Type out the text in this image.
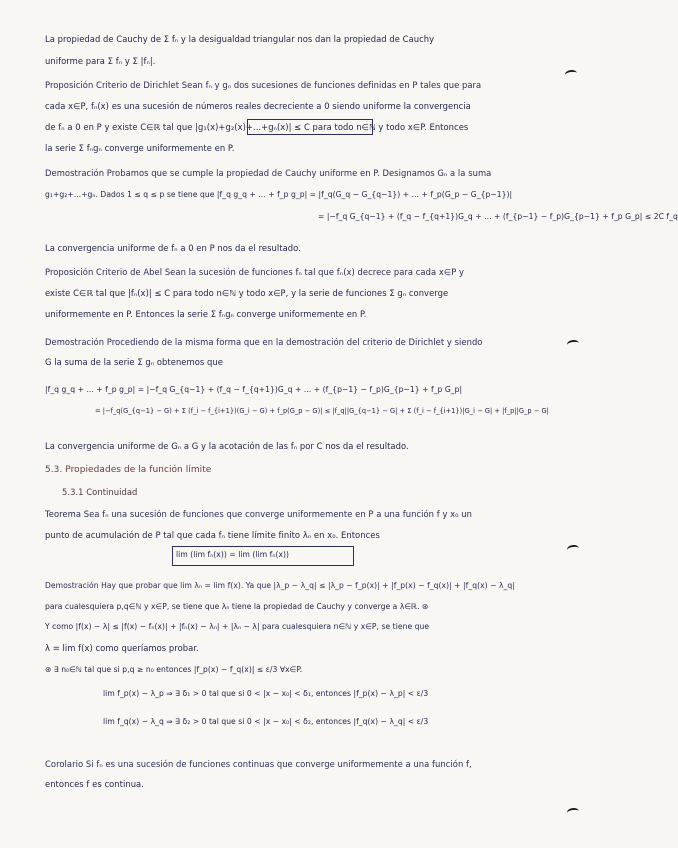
La propiedad de Cauchy de Σ fₙ y la desigualdad triangular nos dan la propiedad de Cauchy
uniforme para Σ fₙ y Σ |fₙ|.
Proposición Criterio de Dirichlet Sean fₙ y gₙ dos sucesiones de funciones definidas en P tales que para
cada x∈P, fₙ(x) es una sucesión de números reales decreciente a 0 siendo uniforme la convergencia
de fₙ a 0 en P y existe C∈ℝ tal que |g₁(x)+g₂(x)+...+gₙ(x)| ≤ C para todo n∈ℕ y todo x∈P. Entonces
la serie Σ fₙgₙ converge uniformemente en P.
Demostración Probamos que se cumple la propiedad de Cauchy uniforme en P. Designamos Gₙ a la suma
g₁+g₂+...+gₙ. Dados 1 ≤ q ≤ p se tiene que |f_q g_q + ... + f_p g_p| = |f_q(G_q − G_{q−1}) + ... + f_p(G_p − G_{p−1})|
= |−f_q G_{q−1} + (f_q − f_{q+1})G_q + ... + (f_{p−1} − f_p)G_{p−1} + f_p G_p| ≤ 2C f_q
La convergencia uniforme de fₙ a 0 en P nos da el resultado.
Proposición Criterio de Abel Sean la sucesión de funciones fₙ tal que fₙ(x) decrece para cada x∈P y
existe C∈ℝ tal que |fₙ(x)| ≤ C para todo n∈ℕ y todo x∈P, y la serie de funciones Σ gₙ converge
uniformemente en P. Entonces la serie Σ fₙgₙ converge uniformemente en P.
Demostración Procediendo de la misma forma que en la demostración del criterio de Dirichlet y siendo
G la suma de la serie Σ gₙ obtenemos que
|f_q g_q + ... + f_p g_p| = |−f_q G_{q−1} + (f_q − f_{q+1})G_q + ... + (f_{p−1} − f_p)G_{p−1} + f_p G_p|
= |−f_q(G_{q−1} − G) + Σ (f_i − f_{i+1})(G_i − G) + f_p(G_p − G)| ≤ |f_q||G_{q−1} − G| + Σ (f_i − f_{i+1})|G_i − G| + |f_p||G_p − G|
La convergencia uniforme de Gₙ a G y la acotación de las fₙ por C nos da el resultado.
5.3. Propiedades de la función límite
5.3.1 Continuidad
Teorema Sea fₙ una sucesión de funciones que converge uniformemente en P a una función f y x₀ un
punto de acumulación de P tal que cada fₙ tiene límite finito λₙ en x₀. Entonces
lim (lim fₙ(x)) = lim (lim fₙ(x))
Demostración Hay que probar que lim λₙ = lim f(x). Ya que |λ_p − λ_q| ≤ |λ_p − f_p(x)| + |f_p(x) − f_q(x)| + |f_q(x) − λ_q|
para cualesquiera p,q∈ℕ y x∈P, se tiene que λₙ tiene la propiedad de Cauchy y converge a λ∈ℝ. ⊛
Y como |f(x) − λ| ≤ |f(x) − fₙ(x)| + |fₙ(x) − λₙ| + |λₙ − λ| para cualesquiera n∈ℕ y x∈P, se tiene que
λ = lim f(x) como queríamos probar.
⊛ ∃ n₀∈ℕ tal que si p,q ≥ n₀ entonces |f_p(x) − f_q(x)| ≤ ε/3 ∀x∈P.
lim f_p(x) − λ_p ⇒ ∃ δ₁ > 0 tal que si 0 < |x − x₀| < δ₁, entonces |f_p(x) − λ_p| < ε/3
lim f_q(x) − λ_q ⇒ ∃ δ₂ > 0 tal que si 0 < |x − x₀| < δ₂, entonces |f_q(x) − λ_q| < ε/3
Corolario Si fₙ es una sucesión de funciones continuas que converge uniformemente a una función f,
entonces f es continua.
